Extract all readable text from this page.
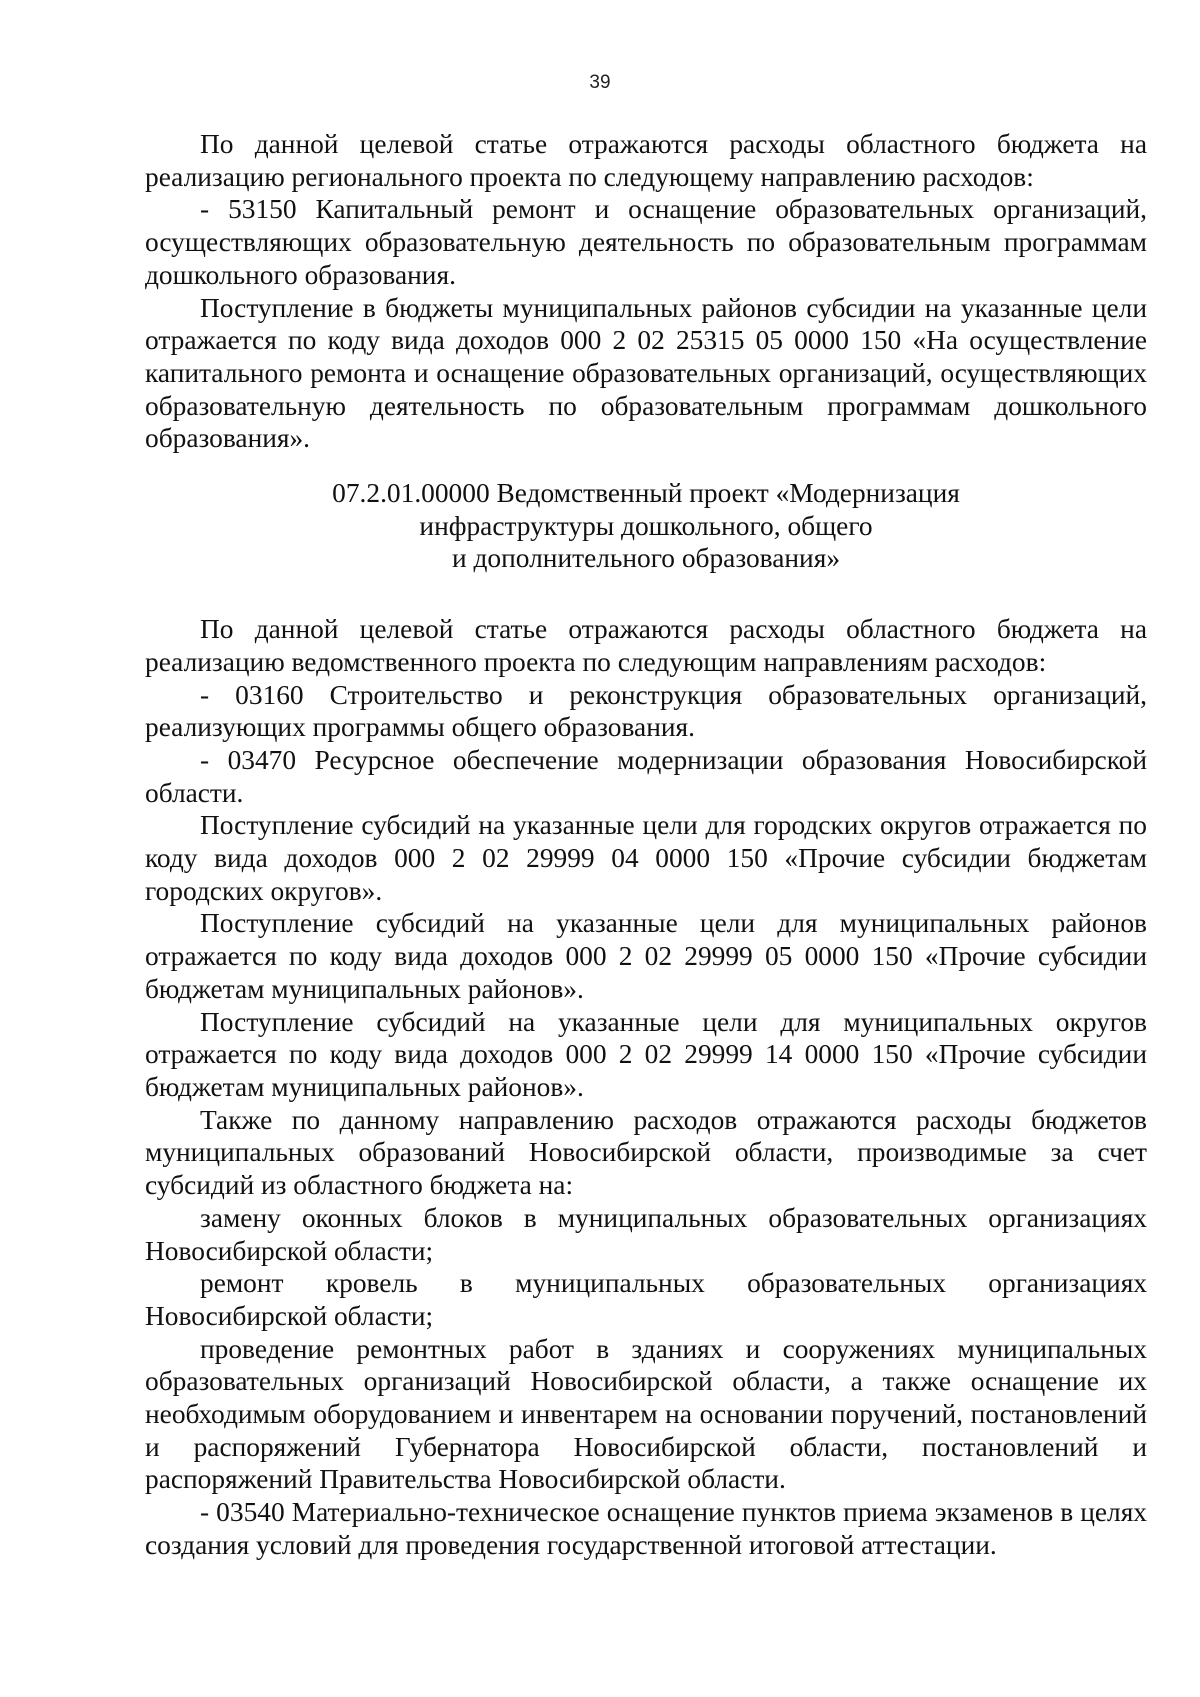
39

По данной целевой статье отражаются расходы областного бюджета на реализацию регионального проекта по следующему направлению расходов:

- 53150 Капитальный ремонт и оснащение образовательных организаций, осуществляющих образовательную деятельность по образовательным программам дошкольного образования.

Поступление в бюджеты муниципальных районов субсидии на указанные цели отражается по коду вида доходов 000 2 02 25315 05 0000 150 «На осуществление капитального ремонта и оснащение образовательных организаций, осуществляющих образовательную деятельность по образовательным программам дошкольного образования».

07.2.01.00000 Ведомственный проект «Модернизация
инфраструктуры дошкольного, общего
и дополнительного образования»

По данной целевой статье отражаются расходы областного бюджета на реализацию ведомственного проекта по следующим направлениям расходов:

- 03160 Строительство и реконструкция образовательных организаций, реализующих программы общего образования.

- 03470 Ресурсное обеспечение модернизации образования Новосибирской области.

Поступление субсидий на указанные цели для городских округов отражается по коду вида доходов 000 2 02 29999 04 0000 150 «Прочие субсидии бюджетам городских округов».

Поступление субсидий на указанные цели для муниципальных районов отражается по коду вида доходов 000 2 02 29999 05 0000 150 «Прочие субсидии бюджетам муниципальных районов».

Поступление субсидий на указанные цели для муниципальных округов отражается по коду вида доходов 000 2 02 29999 14 0000 150 «Прочие субсидии бюджетам муниципальных районов».

Также по данному направлению расходов отражаются расходы бюджетов муниципальных образований Новосибирской области, производимые за счет субсидий из областного бюджета на:

замену оконных блоков в муниципальных образовательных организациях Новосибирской области;

ремонт кровель в муниципальных образовательных организациях Новосибирской области;

проведение ремонтных работ в зданиях и сооружениях муниципальных образовательных организаций Новосибирской области, а также оснащение их необходимым оборудованием и инвентарем на основании поручений, постановлений и распоряжений Губернатора Новосибирской области, постановлений и распоряжений Правительства Новосибирской области.

- 03540 Материально-техническое оснащение пунктов приема экзаменов в целях создания условий для проведения государственной итоговой аттестации.
